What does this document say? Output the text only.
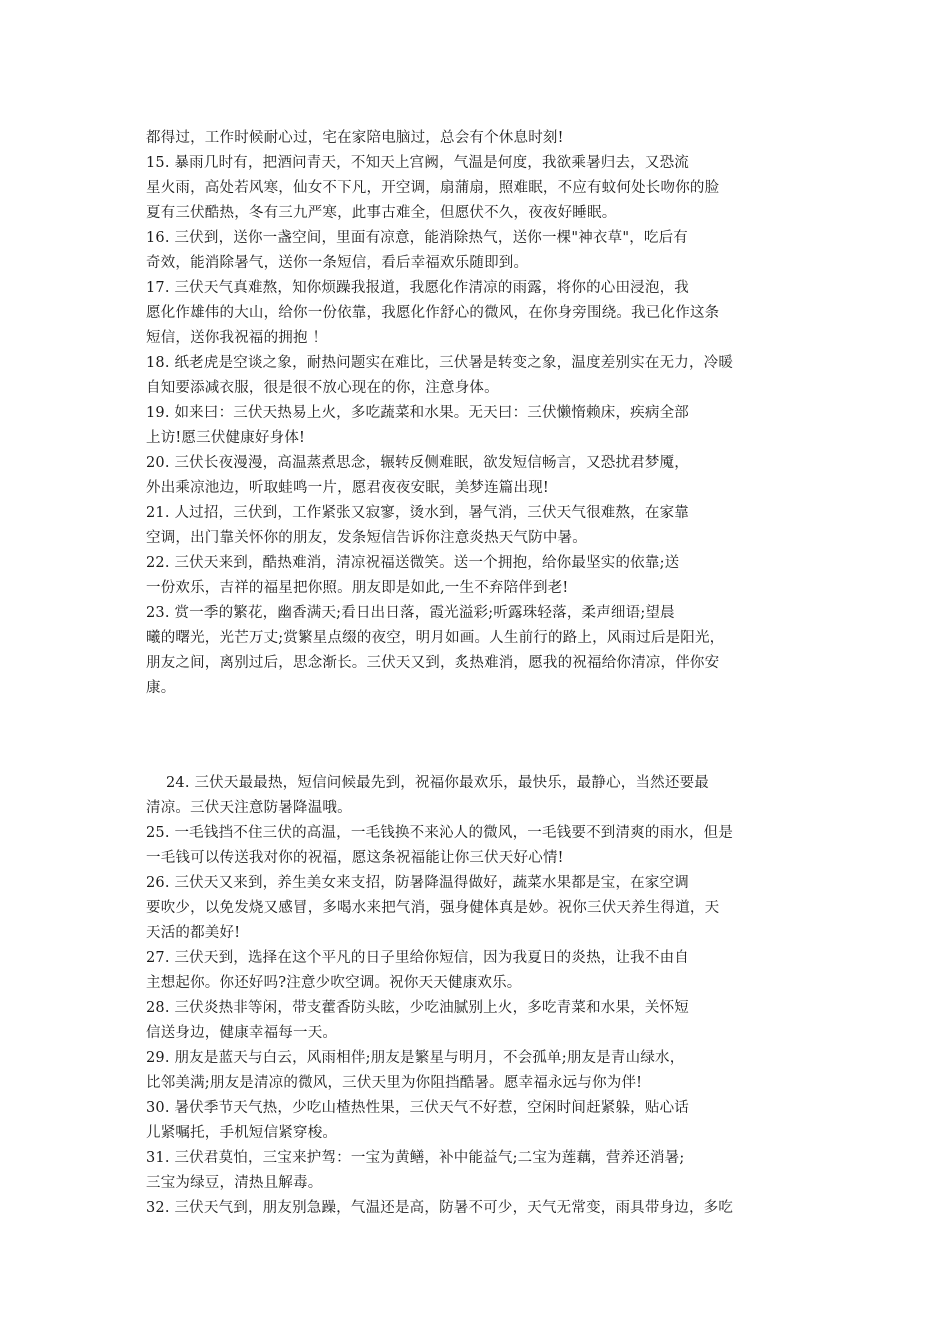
都得过，工作时候耐心过，宅在家陪电脑过，总会有个休息时刻!
15. 暴雨几时有，把酒问青天，不知天上宫阙，气温是何度，我欲乘暑归去，又恐流
星火雨，高处若风寒，仙女不下凡，开空调，扇蒲扇，照难眠，不应有蚊何处长吻你的脸
夏有三伏酷热，冬有三九严寒，此事古难全，但愿伏不久，夜夜好睡眠。
16. 三伏到，送你一盏空间，里面有凉意，能消除热气，送你一棵"神衣草"，吃后有
奇效，能消除暑气，送你一条短信，看后幸福欢乐随即到。
17. 三伏天气真难熬，知你烦躁我报道，我愿化作清凉的雨露，将你的心田浸泡，我
愿化作雄伟的大山，给你一份依靠，我愿化作舒心的微风，在你身旁围绕。我已化作这条
短信，送你我祝福的拥抱 ！
18. 纸老虎是空谈之象，耐热问题实在难比，三伏暑是转变之象，温度差别实在无力，冷暖
自知要添减衣服，很是很不放心现在的你，注意身体。
19. 如来曰：三伏天热易上火，多吃蔬菜和水果。无天曰：三伏懒惰赖床，疾病全部
上访!愿三伏健康好身体!
20. 三伏长夜漫漫，高温蒸煮思念，辗转反侧难眠，欲发短信畅言，又恐扰君梦魇，
外出乘凉池边，听取蛙鸣一片，愿君夜夜安眠，美梦连篇出现!
21. 人过招，三伏到，工作紧张又寂寥，烫水到，暑气消，三伏天气很难熬，在家靠
空调，出门靠关怀你的朋友，发条短信告诉你注意炎热天气防中暑。
22. 三伏天来到，酷热难消，清凉祝福送微笑。送一个拥抱，给你最坚实的依靠;送
一份欢乐，吉祥的福星把你照。朋友即是如此,一生不弃陪伴到老!
23. 赏一季的繁花，幽香满天;看日出日落，霞光溢彩;听露珠轻落，柔声细语;望晨
曦的曙光，光芒万丈;赏繁星点缀的夜空，明月如画。人生前行的路上，风雨过后是阳光，
朋友之间，离别过后，思念渐长。三伏天又到，炙热难消，愿我的祝福给你清凉，伴你安
康。
24. 三伏天最最热，短信问候最先到，祝福你最欢乐，最快乐，最静心，当然还要最
清凉。三伏天注意防暑降温哦。
25. 一毛钱挡不住三伏的高温，一毛钱换不来沁人的微风，一毛钱要不到清爽的雨水，但是
一毛钱可以传送我对你的祝福，愿这条祝福能让你三伏天好心情!
26. 三伏天又来到，养生美女来支招，防暑降温得做好，蔬菜水果都是宝，在家空调
要吹少，以免发烧又感冒，多喝水来把气消，强身健体真是妙。祝你三伏天养生得道，天
天活的都美好!
27. 三伏天到，选择在这个平凡的日子里给你短信，因为我夏日的炎热，让我不由自
主想起你。你还好吗?注意少吹空调。祝你天天健康欢乐。
28. 三伏炎热非等闲，带支藿香防头眩，少吃油腻别上火，多吃青菜和水果，关怀短
信送身边，健康幸福每一天。
29. 朋友是蓝天与白云，风雨相伴;朋友是繁星与明月，不会孤单;朋友是青山绿水，
比邻美满;朋友是清凉的微风，三伏天里为你阻挡酷暑。愿幸福永远与你为伴!
30. 暑伏季节天气热，少吃山楂热性果，三伏天气不好惹，空闲时间赶紧躲，贴心话
儿紧嘱托，手机短信紧穿梭。
31. 三伏君莫怕，三宝来护驾：一宝为黄鳝，补中能益气;二宝为莲藕，营养还消暑;
三宝为绿豆，清热且解毒。
32. 三伏天气到，朋友别急躁，气温还是高，防暑不可少，天气无常变，雨具带身边，多吃
